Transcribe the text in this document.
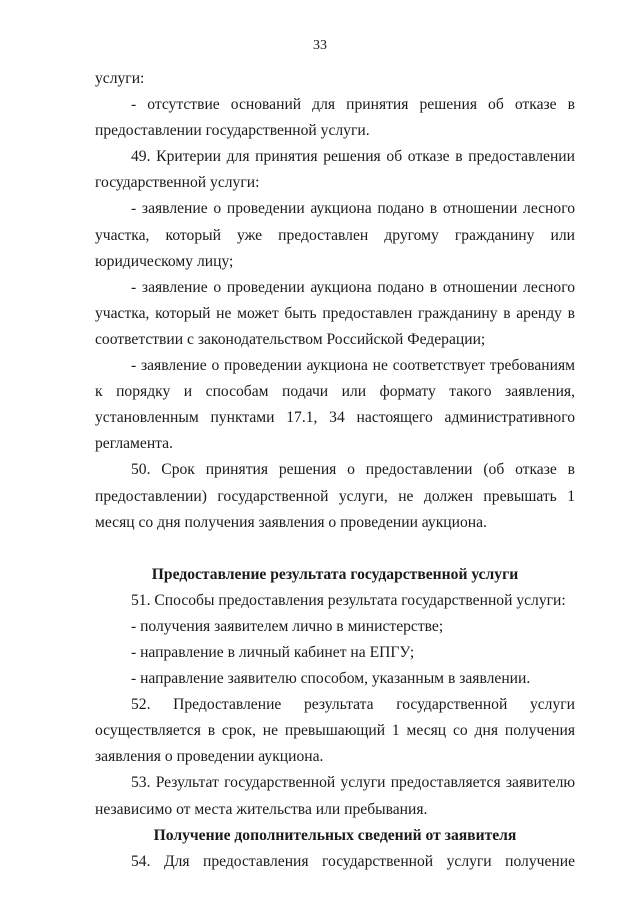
33

услуги:

- отсутствие оснований для принятия решения об отказе в предоставлении государственной услуги.

49. Критерии для принятия решения об отказе в предоставлении государственной услуги:

- заявление о проведении аукциона подано в отношении лесного участка, который уже предоставлен другому гражданину или юридическому лицу;

- заявление о проведении аукциона подано в отношении лесного участка, который не может быть предоставлен гражданину в аренду в соответствии с законодательством Российской Федерации;

- заявление о проведении аукциона не соответствует требованиям к порядку и способам подачи или формату такого заявления, установленным пунктами 17.1, 34 настоящего административного регламента.

50. Срок принятия решения о предоставлении (об отказе в предоставлении) государственной услуги, не должен превышать 1 месяц со дня получения заявления о проведении аукциона.

Предоставление результата государственной услуги

51. Способы предоставления результата государственной услуги:

- получения заявителем лично в министерстве;

- направление в личный кабинет на ЕПГУ;

- направление заявителю способом, указанным в заявлении.

52. Предоставление результата государственной услуги осуществляется в срок, не превышающий 1 месяц со дня получения заявления о проведении аукциона.

53. Результат государственной услуги предоставляется заявителю независимо от места жительства или пребывания.

Получение дополнительных сведений от заявителя

54. Для предоставления государственной услуги получение
